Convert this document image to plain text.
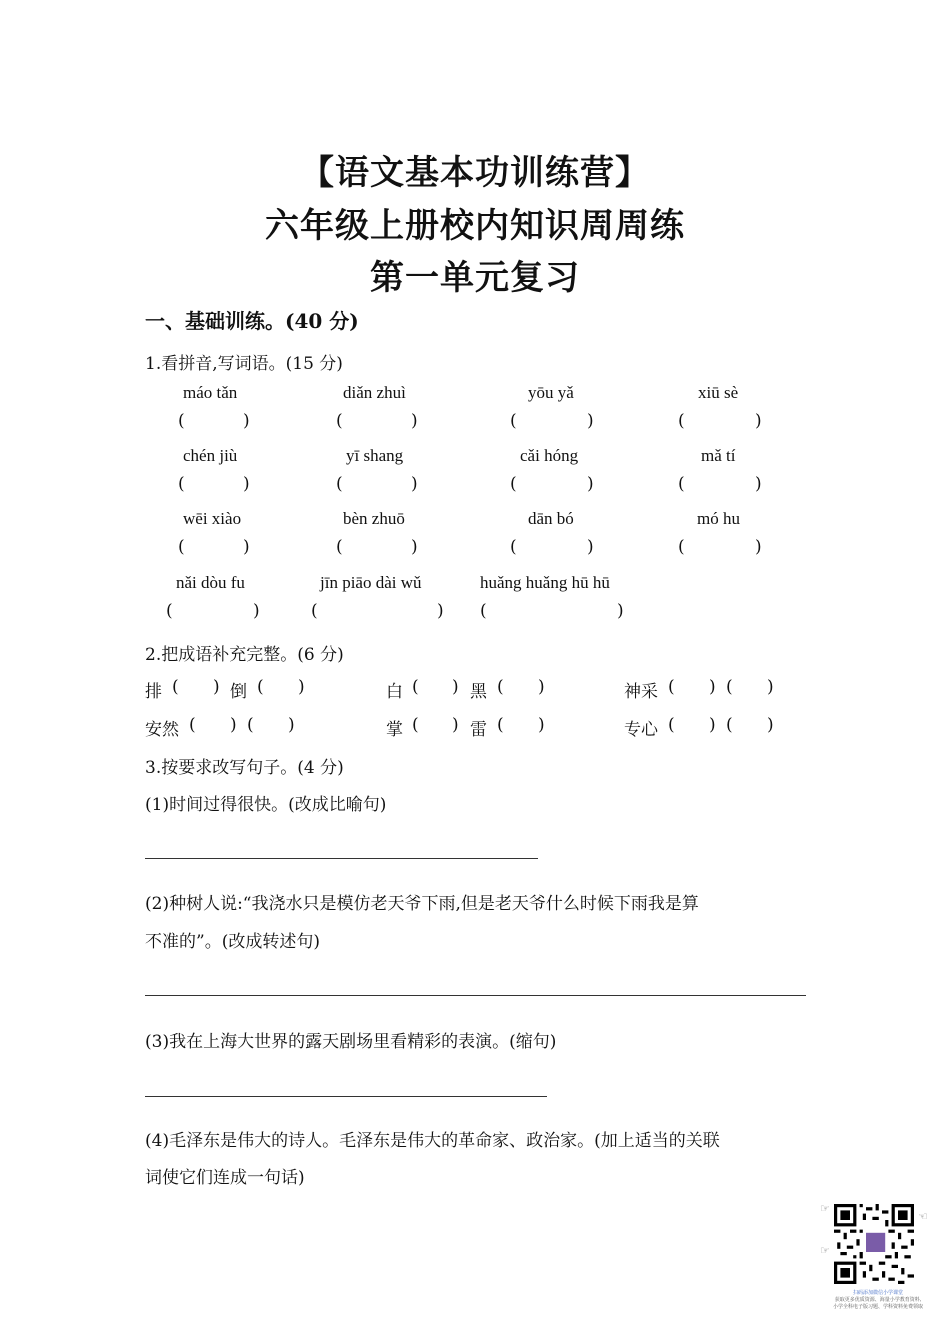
【语文基本功训练营】
六年级上册校内知识周周练
第一单元复习
一、基础训练。(40 分)
1.看拼音,写词语。(15 分)
máo tǎn	diǎn zhuì	yōu yǎ	xiū sè
(	)	(	)	(	)	(	)
chén jiù	yī shang	cǎi hóng	mǎ tí
(	)	(	)	(	)	(	)
wēi xiào	bèn zhuō	dān bó	mó hu
(	)	(	)	(	)	(	)
nǎi dòu fu	jīn piāo dài wǔ	huǎng huǎng hū hū
(	)	(	) (	)
2.把成语补充完整。(6 分)
排 ( ) 倒 ( )	白 ( ) 黑 ( )	神采 ( ) ( )
安然 ( ) ( )	掌 ( ) 雷 ( )	专心 ( ) ( )
3.按要求改写句子。(4 分)
(1)时间过得很快。(改成比喻句)
(2)种树人说:“我浇水只是模仿老天爷下雨,但是老天爷什么时候下雨我是算
不准的”。(改成转述句)
(3)我在上海大世界的露天剧场里看精彩的表演。(缩句)
(4)毛泽东是伟大的诗人。毛泽东是伟大的革命家、政治家。(加上适当的关联
词使它们连成一句话)
☞
☜
☞
扫码添加微信小学课堂
获取更多优质资源、海量小学教育资料,
小学全科电子版习题、学科资料免费领取
